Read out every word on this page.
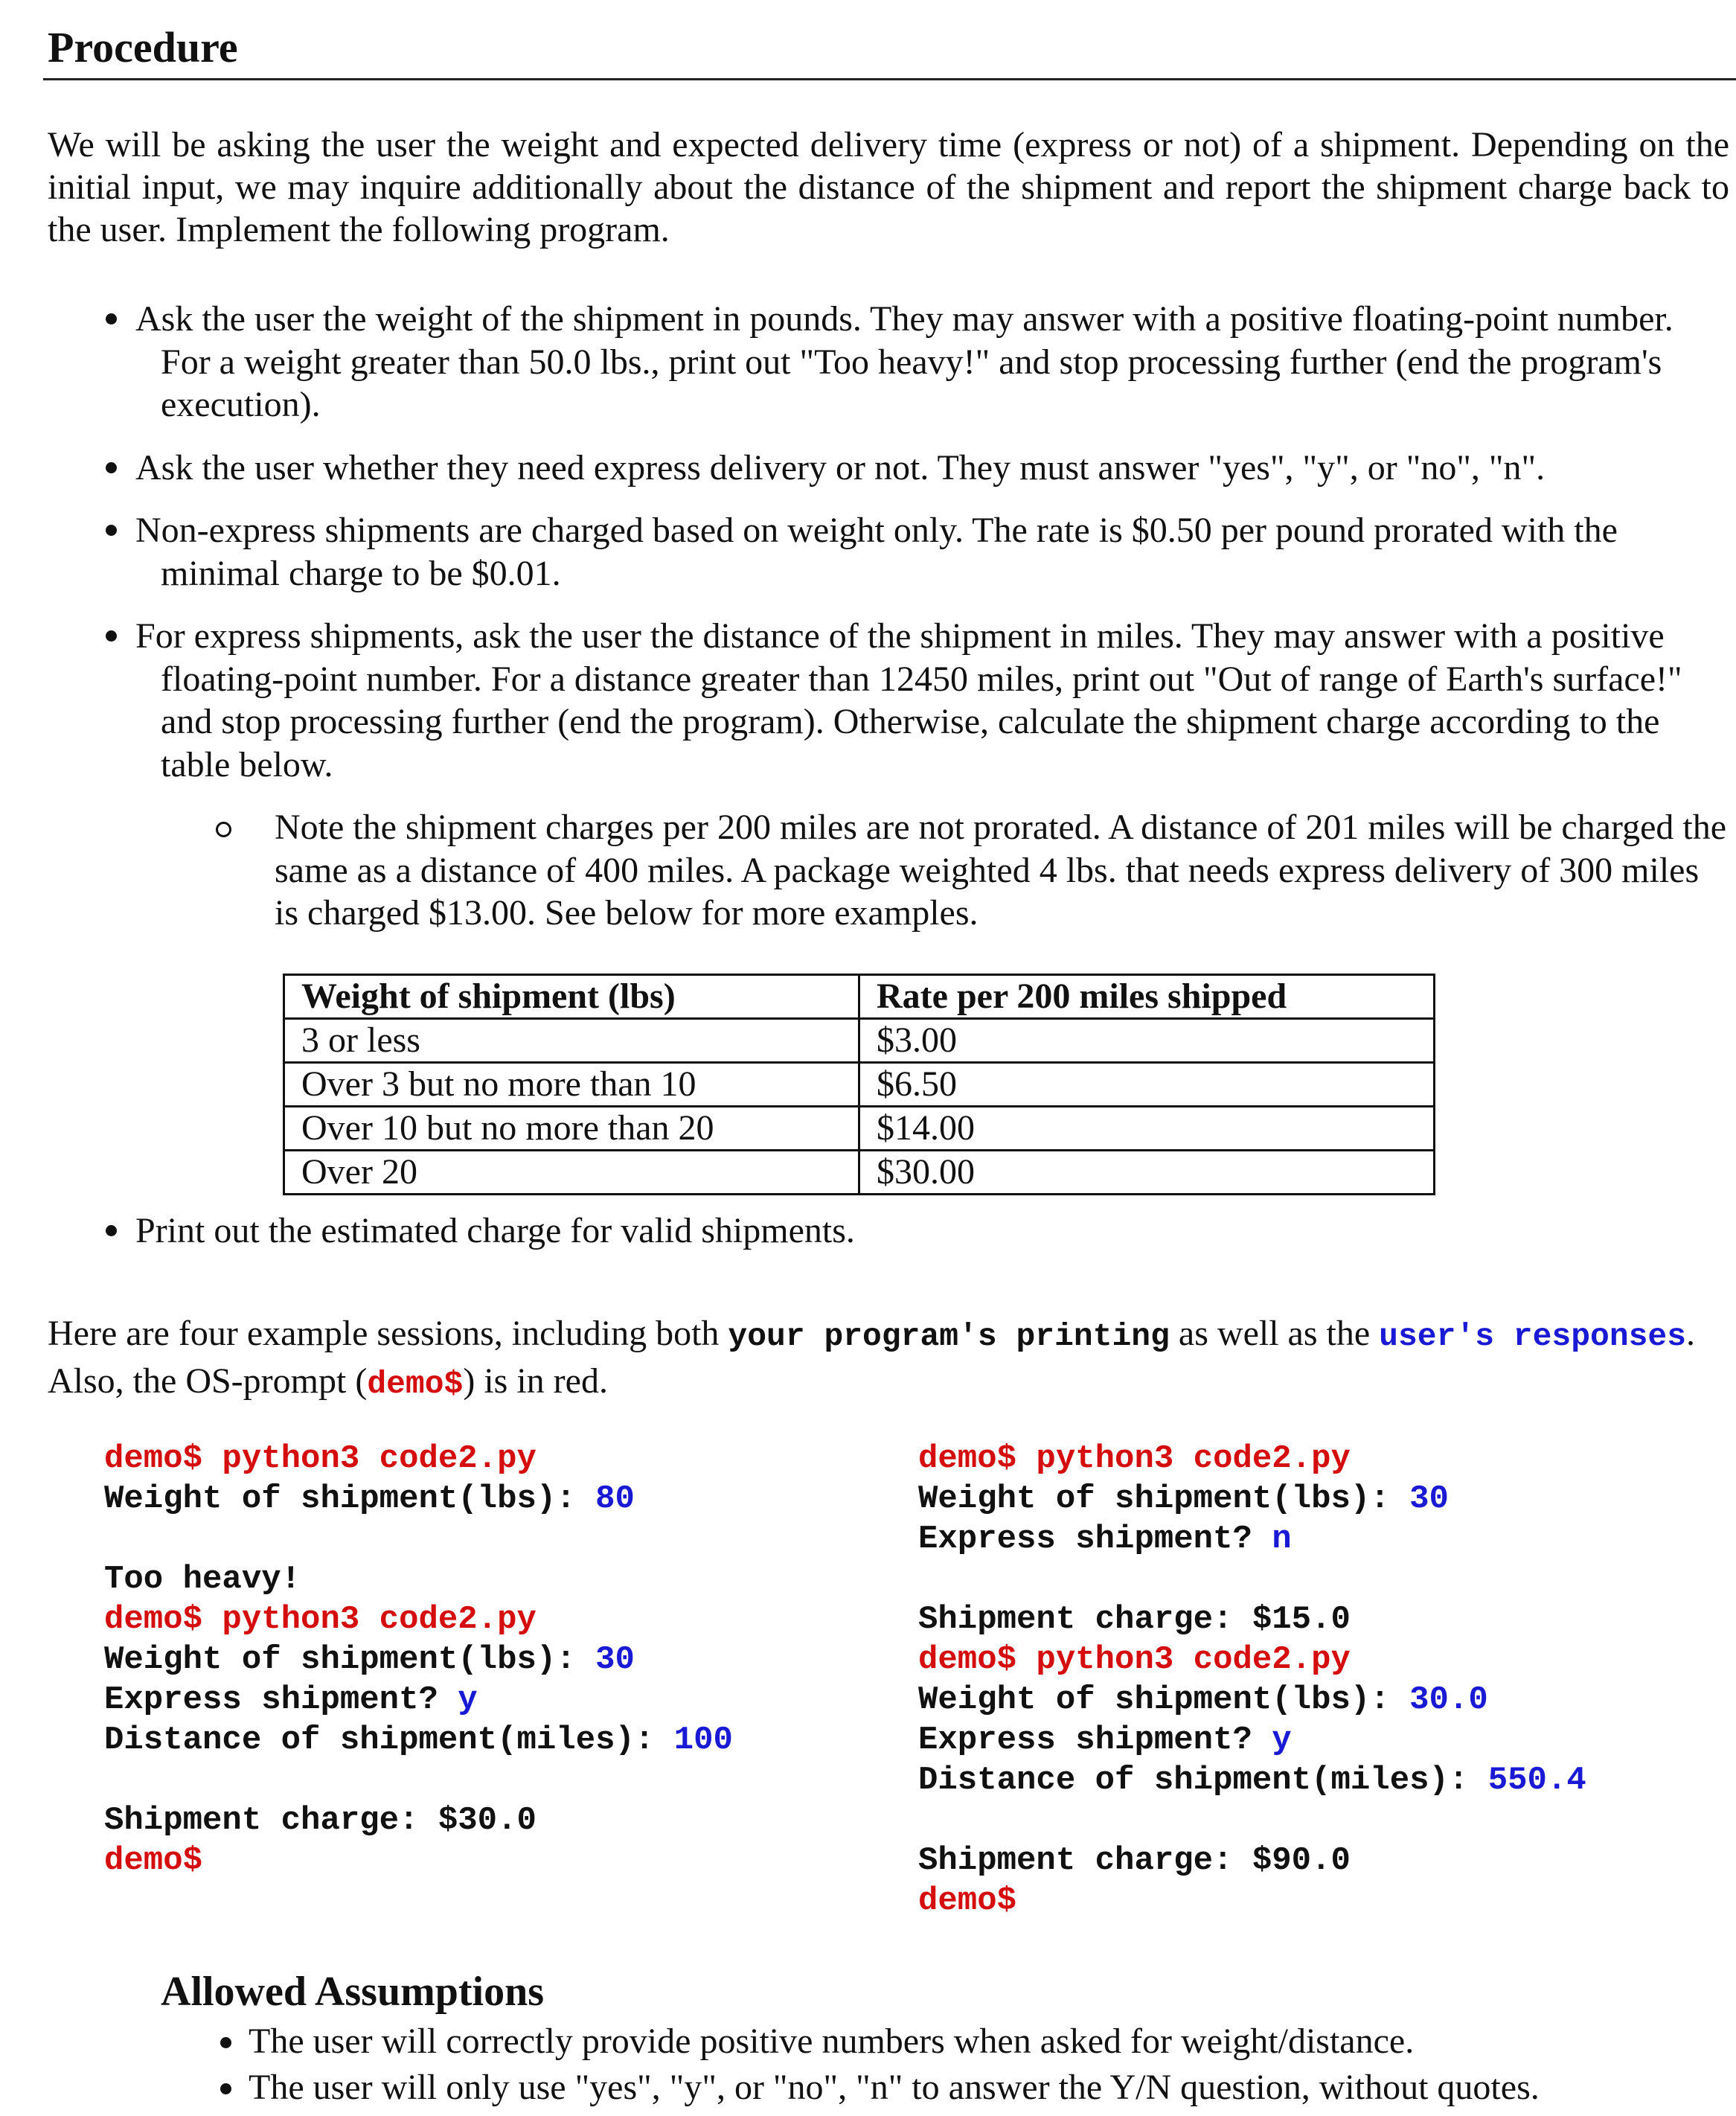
Procedure
We will be asking the user the weight and expected delivery time (express or not) of a shipment. Depending on the initial input, we may inquire additionally about the distance of the shipment and report the shipment charge back to the user. Implement the following program.
Ask the user the weight of the shipment in pounds. They may answer with a positive floating-point number. For a weight greater than 50.0 lbs., print out "Too heavy!" and stop processing further (end the program's execution).
Ask the user whether they need express delivery or not. They must answer "yes", "y", or "no", "n".
Non-express shipments are charged based on weight only. The rate is $0.50 per pound prorated with the minimal charge to be $0.01.
For express shipments, ask the user the distance of the shipment in miles. They may answer with a positive floating-point number. For a distance greater than 12450 miles, print out "Out of range of Earth's surface!" and stop processing further (end the program). Otherwise, calculate the shipment charge according to the table below.
Note the shipment charges per 200 miles are not prorated. A distance of 201 miles will be charged the same as a distance of 400 miles. A package weighted 4 lbs. that needs express delivery of 300 miles is charged $13.00. See below for more examples.
Weight of shipment (lbs)	Rate per 200 miles shipped
3 or less	$3.00
Over 3 but no more than 10	$6.50
Over 10 but no more than 20	$14.00
Over 20	$30.00
Print out the estimated charge for valid shipments.
Here are four example sessions, including both your program's printing as well as the user's responses.
Also, the OS-prompt (demo$) is in red.
demo$ python3 code2.py
Weight of shipment(lbs): 80
Too heavy!
demo$ python3 code2.py
Weight of shipment(lbs): 30
Express shipment? y
Distance of shipment(miles): 100
Shipment charge: $30.0
demo$
demo$ python3 code2.py
Weight of shipment(lbs): 30
Express shipment? n
Shipment charge: $15.0
demo$ python3 code2.py
Weight of shipment(lbs): 30.0
Express shipment? y
Distance of shipment(miles): 550.4
Shipment charge: $90.0
demo$
Allowed Assumptions
The user will correctly provide positive numbers when asked for weight/distance.
The user will only use "yes", "y", or "no", "n" to answer the Y/N question, without quotes.
